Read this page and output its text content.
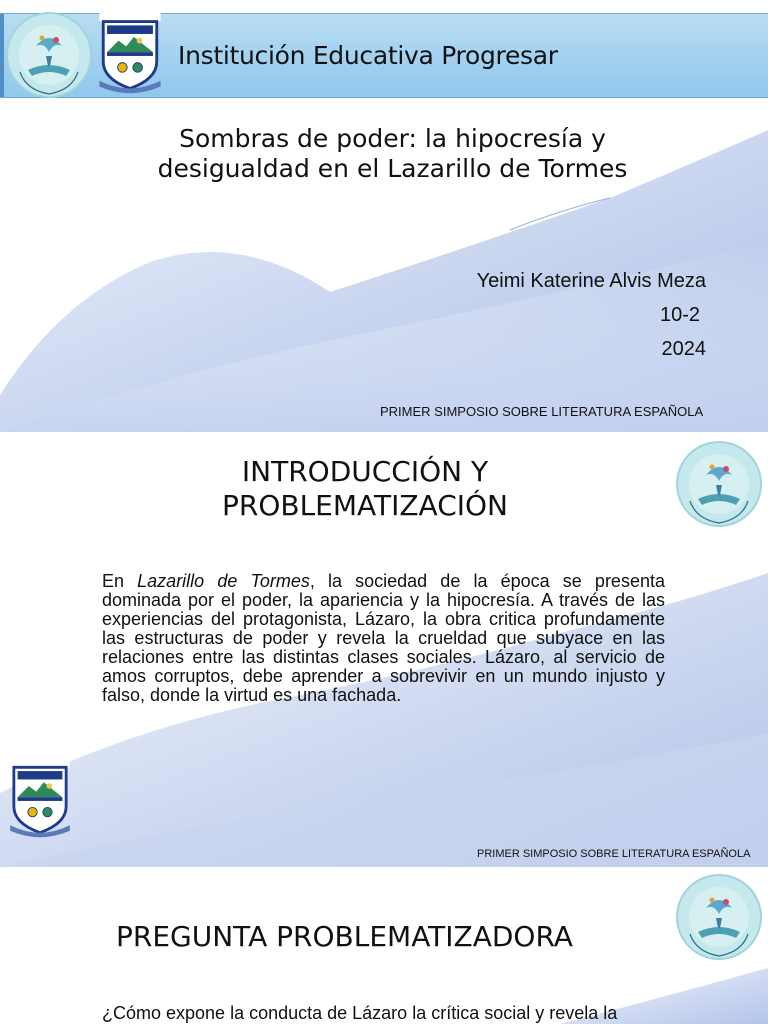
Institución Educativa Progresar
Sombras de poder: la hipocresía y desigualdad en el Lazarillo de Tormes
Yeimi Katerine Alvis Meza
10-2
2024
PRIMER SIMPOSIO SOBRE LITERATURA ESPAÑOLA
INTRODUCCIÓN Y PROBLEMATIZACIÓN

En Lazarillo de Tormes, la sociedad de la época se presenta dominada por el poder, la apariencia y la hipocresía. A través de las experiencias del protagonista, Lázaro, la obra critica profundamente las estructuras de poder y revela la crueldad que subyace en las relaciones entre las distintas clases sociales. Lázaro, al servicio de amos corruptos, debe aprender a sobrevivir en un mundo injusto y falso, donde la virtud es una fachada.

PRIMER SIMPOSIO SOBRE LITERATURA ESPAÑOLA
PREGUNTA PROBLEMATIZADORA

¿Cómo expone la conducta de Lázaro la crítica social y revela la
